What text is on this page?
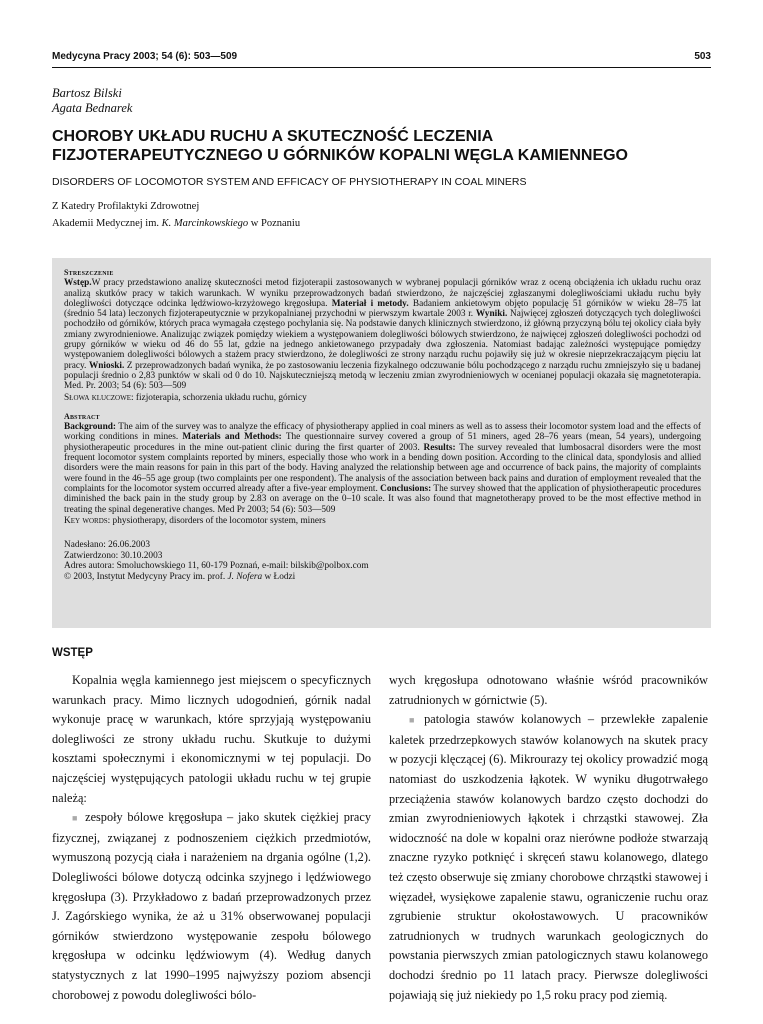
Medycyna Pracy 2003; 54 (6): 503—509	503
Bartosz Bilski
Agata Bednarek
CHOROBY UKŁADU RUCHU A SKUTECZNOŚĆ LECZENIA
FIZJOTERAPEUTYCZNEGO U GÓRNIKÓW KOPALNI WĘGLA KAMIENNEGO
DISORDERS OF LOCOMOTOR SYSTEM AND EFFICACY OF PHYSIOTHERAPY IN COAL MINERS
Z Katedry Profilaktyki Zdrowotnej
Akademii Medycznej im. K. Marcinkowskiego w Poznaniu
Streszczenie
Wstęp.W pracy przedstawiono analizę skuteczności metod fizjoterapii zastosowanych w wybranej populacji górników wraz z oceną obciążenia ich układu ruchu oraz analizą skutków pracy w takich warunkach. W wyniku przeprowadzonych badań stwierdzono, że najczęściej zgłaszanymi dolegliwościami układu ruchu były dolegliwości dotyczące odcinka lędźwiowo-krzyżowego kręgosłupa. Materiał i metody. Badaniem ankietowym objęto populację 51 górników w wieku 28–75 lat (średnio 54 lata) leczonych fizjoterapeutycznie w przykopalnianej przychodni w pierwszym kwartale 2003 r. Wyniki. Najwięcej zgłoszeń dotyczących tych dolegliwości pochodziło od górników, których praca wymagała częstego pochylania się. Na podstawie danych klinicznych stwierdzono, iż główną przyczyną bólu tej okolicy ciała były zmiany zwyrodnieniowe. Analizując związek pomiędzy wiekiem a występowaniem dolegliwości bólowych stwierdzono, że najwięcej zgłoszeń dolegliwości pochodzi od grupy górników w wieku od 46 do 55 lat, gdzie na jednego ankietowanego przypadały dwa zgłoszenia. Natomiast badając zależności występujące pomiędzy występowaniem dolegliwości bólowych a stażem pracy stwierdzono, że dolegliwości ze strony narządu ruchu pojawiły się już w okresie nieprzekraczającym pięciu lat pracy. Wnioski. Z przeprowadzonych badań wynika, że po zastosowaniu leczenia fizykalnego odczuwanie bólu pochodzącego z narządu ruchu zmniejszyło się u badanej populacji średnio o 2,83 punktów w skali od 0 do 10. Najskuteczniejszą metodą w leczeniu zmian zwyrodnieniowych w ocenianej populacji okazała się magnetoterapia. Med. Pr. 2003; 54 (6): 503—509
Słowa kluczowe: fizjoterapia, schorzenia układu ruchu, górnicy
Abstract
Background: The aim of the survey was to analyze the efficacy of physiotherapy applied in coal miners as well as to assess their locomotor system load and the effects of working conditions in mines. Materials and Methods: The questionnaire survey covered a group of 51 miners, aged 28–76 years (mean, 54 years), undergoing physiotherapeutic procedures in the mine out-patient clinic during the first quarter of 2003. Results: The survey revealed that lumbosacral disorders were the most frequent locomotor system complaints reported by miners, especially those who work in a bending down position. According to the clinical data, spondylosis and allied disorders were the main reasons for pain in this part of the body. Having analyzed the relationship between age and occurrence of back pains, the majority of complaints were found in the 46–55 age group (two complaints per one respondent). The analysis of the association between back pains and duration of employment revealed that the complaints for the locomotor system occurred already after a five-year employment. Conclusions: The survey showed that the application of physiotherapeutic procedures diminished the back pain in the study group by 2.83 on average on the 0–10 scale. It was also found that magnetotherapy proved to be the most effective method in treating the spinal degenerative changes. Med Pr 2003; 54 (6): 503—509
Key words: physiotherapy, disorders of the locomotor system, miners

Nadesłano: 26.06.2003

Zatwierdzono: 30.10.2003

Adres autora: Smoluchowskiego 11, 60-179 Poznań, e-mail: bilskib@polbox.com

© 2003, Instytut Medycyny Pracy im. prof. J. Nofera w Łodzi

WSTĘP

Kopalnia węgla kamiennego jest miejscem o specyficznych warunkach pracy. Mimo licznych udogodnień, górnik nadal wykonuje pracę w warunkach, które sprzyjają występowaniu dolegliwości ze strony układu ruchu. Skutkuje to dużymi kosztami społecznymi i ekonomicznymi w tej populacji. Do najczęściej występujących patologii układu ruchu w tej grupie należą:

■ zespoły bólowe kręgosłupa – jako skutek ciężkiej pracy fizycznej, związanej z podnoszeniem ciężkich przedmiotów, wymuszoną pozycją ciała i narażeniem na drgania ogólne (1,2). Dolegliwości bólowe dotyczą odcinka szyjnego i lędźwiowego kręgosłupa (3). Przykładowo z badań przeprowadzonych przez J. Zagórskiego wynika, że aż u 31% obserwowanej populacji górników stwierdzono występowanie zespołu bólowego kręgosłupa w odcinku lędźwiowym (4). Według danych statystycznych z lat 1990–1995 najwyższy poziom absencji chorobowej z powodu dolegliwości bólo-

wych kręgosłupa odnotowano właśnie wśród pracowników zatrudnionych w górnictwie (5).

■ patologia stawów kolanowych – przewlekłe zapalenie kaletek przedrzepkowych stawów kolanowych na skutek pracy w pozycji klęczącej (6). Mikrourazy tej okolicy prowadzić mogą natomiast do uszkodzenia łąkotek. W wyniku długotrwałego przeciążenia stawów kolanowych bardzo często dochodzi do zmian zwyrodnieniowych łąkotek i chrząstki stawowej. Zła widoczność na dole w kopalni oraz nierówne podłoże stwarzają znaczne ryzyko potknięć i skręceń stawu kolanowego, dlatego też często obserwuje się zmiany chorobowe chrząstki stawowej i więzadeł, wysiękowe zapalenie stawu, ograniczenie ruchu oraz zgrubienie struktur okołostawowych. U pracowników zatrudnionych w trudnych warunkach geologicznych do powstania pierwszych zmian patologicznych stawu kolanowego dochodzi średnio po 11 latach pracy. Pierwsze dolegliwości pojawiają się już niekiedy po 1,5 roku pracy pod ziemią.
